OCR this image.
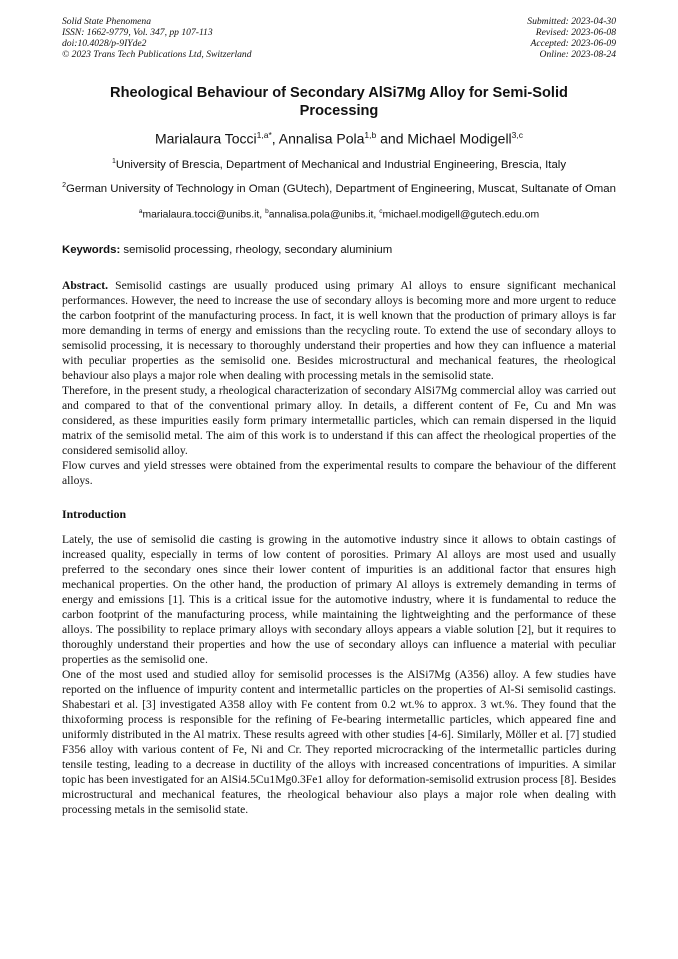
Solid State Phenomena
ISSN: 1662-9779, Vol. 347, pp 107-113
doi:10.4028/p-9IYde2
© 2023 Trans Tech Publications Ltd, Switzerland
Submitted: 2023-04-30
Revised: 2023-06-08
Accepted: 2023-06-09
Online: 2023-08-24
Rheological Behaviour of Secondary AlSi7Mg Alloy for Semi-Solid Processing
Marialaura Tocci$^{1,a*}$, Annalisa Pola$^{1,b}$ and Michael Modigell$^{3,c}$
$^1$University of Brescia, Department of Mechanical and Industrial Engineering, Brescia, Italy
$^2$German University of Technology in Oman (GUtech), Department of Engineering, Muscat, Sultanate of Oman
$^a$marialaura.tocci@unibs.it, $^b$annalisa.pola@unibs.it, $^c$michael.modigell@gutech.edu.om
Keywords: semisolid processing, rheology, secondary aluminium

Abstract. Semisolid castings are usually produced using primary Al alloys to ensure significant mechanical performances. However, the need to increase the use of secondary alloys is becoming more and more urgent to reduce the carbon footprint of the manufacturing process. In fact, it is well known that the production of primary alloys is far more demanding in terms of energy and emissions than the recycling route. To extend the use of secondary alloys to semisolid processing, it is necessary to thoroughly understand their properties and how they can influence a material with peculiar properties as the semisolid one. Besides microstructural and mechanical features, the rheological behaviour also plays a major role when dealing with processing metals in the semisolid state.

Therefore, in the present study, a rheological characterization of secondary AlSi7Mg commercial alloy was carried out and compared to that of the conventional primary alloy. In details, a different content of Fe, Cu and Mn was considered, as these impurities easily form primary intermetallic particles, which can remain dispersed in the liquid matrix of the semisolid metal. The aim of this work is to understand if this can affect the rheological properties of the considered semisolid alloy.

Flow curves and yield stresses were obtained from the experimental results to compare the behaviour of the different alloys.

Introduction

Lately, the use of semisolid die casting is growing in the automotive industry since it allows to obtain castings of increased quality, especially in terms of low content of porosities. Primary Al alloys are most used and usually preferred to the secondary ones since their lower content of impurities is an additional factor that ensures high mechanical properties. On the other hand, the production of primary Al alloys is extremely demanding in terms of energy and emissions [1]. This is a critical issue for the automotive industry, where it is fundamental to reduce the carbon footprint of the manufacturing process, while maintaining the lightweighting and the performance of these alloys. The possibility to replace primary alloys with secondary alloys appears a viable solution [2], but it requires to thoroughly understand their properties and how the use of secondary alloys can influence a material with peculiar properties as the semisolid one.

One of the most used and studied alloy for semisolid processes is the AlSi7Mg (A356) alloy. A few studies have reported on the influence of impurity content and intermetallic particles on the properties of Al-Si semisolid castings. Shabestari et al. [3] investigated A358 alloy with Fe content from 0.2 wt.% to approx. 3 wt.%. They found that the thixoforming process is responsible for the refining of Fe-bearing intermetallic particles, which appeared fine and uniformly distributed in the Al matrix. These results agreed with other studies [4-6]. Similarly, Möller et al. [7] studied F356 alloy with various content of Fe, Ni and Cr. They reported microcracking of the intermetallic particles during tensile testing, leading to a decrease in ductility of the alloys with increased concentrations of impurities. A similar topic has been investigated for an AlSi4.5Cu1Mg0.3Fe1 alloy for deformation-semisolid extrusion process [8]. Besides microstructural and mechanical features, the rheological behaviour also plays a major role when dealing with processing metals in the semisolid state.
